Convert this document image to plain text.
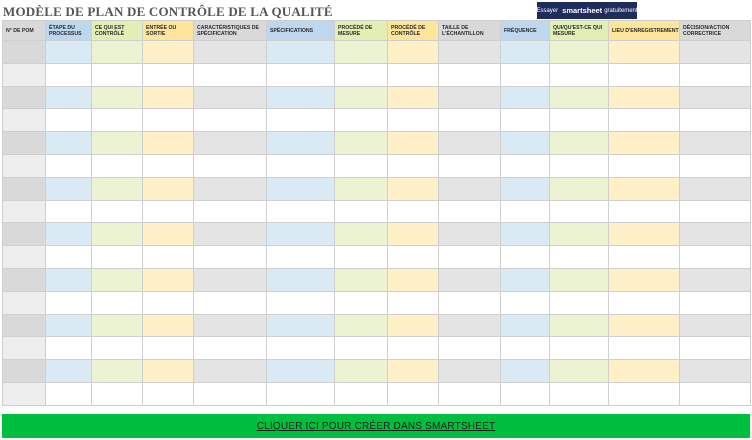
MODÈLE DE PLAN DE CONTRÔLE DE LA QUALITÉ	Essayer smartsheet gratuitement
N° DE POM	ÉTAPE DU PROCESSUS	CE QUI EST CONTRÔLÉ	ENTRÉE OU SORTIE	CARACTÉRISTIQUES DE SPÉCIFICATION	SPÉCIFICATIONS	PROCÉDÉ DE MESURE	PROCÉDÉ DE CONTRÔLE	TAILLE DE L'ÉCHANTILLON	FRÉQUENCE	QUI/QU'EST-CE QUI MESURE	LIEU D'ENREGISTREMENT	DÉCISION/ACTION CORRECTRICE

CLIQUER ICI POUR CRÉER DANS SMARTSHEET
